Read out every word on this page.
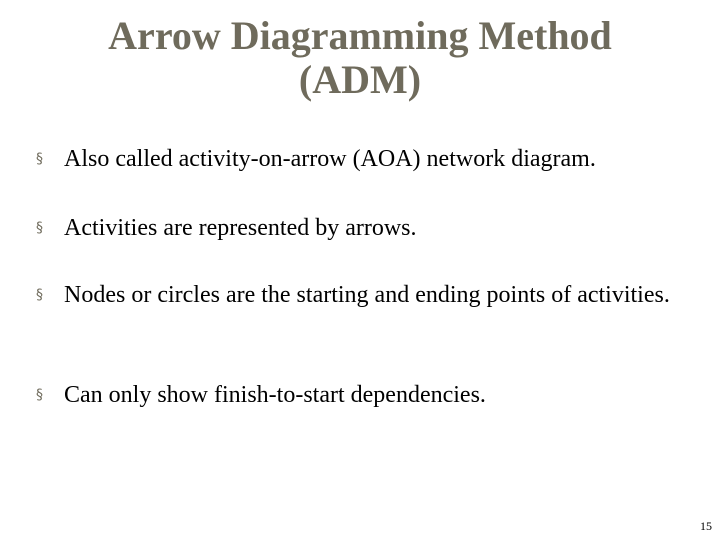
Arrow Diagramming Method
(ADM)
§ Also called activity-on-arrow (AOA) network diagram.
§ Activities are represented by arrows.
§ Nodes or circles are the starting and ending points of activities.
§ Can only show finish-to-start dependencies.
15
